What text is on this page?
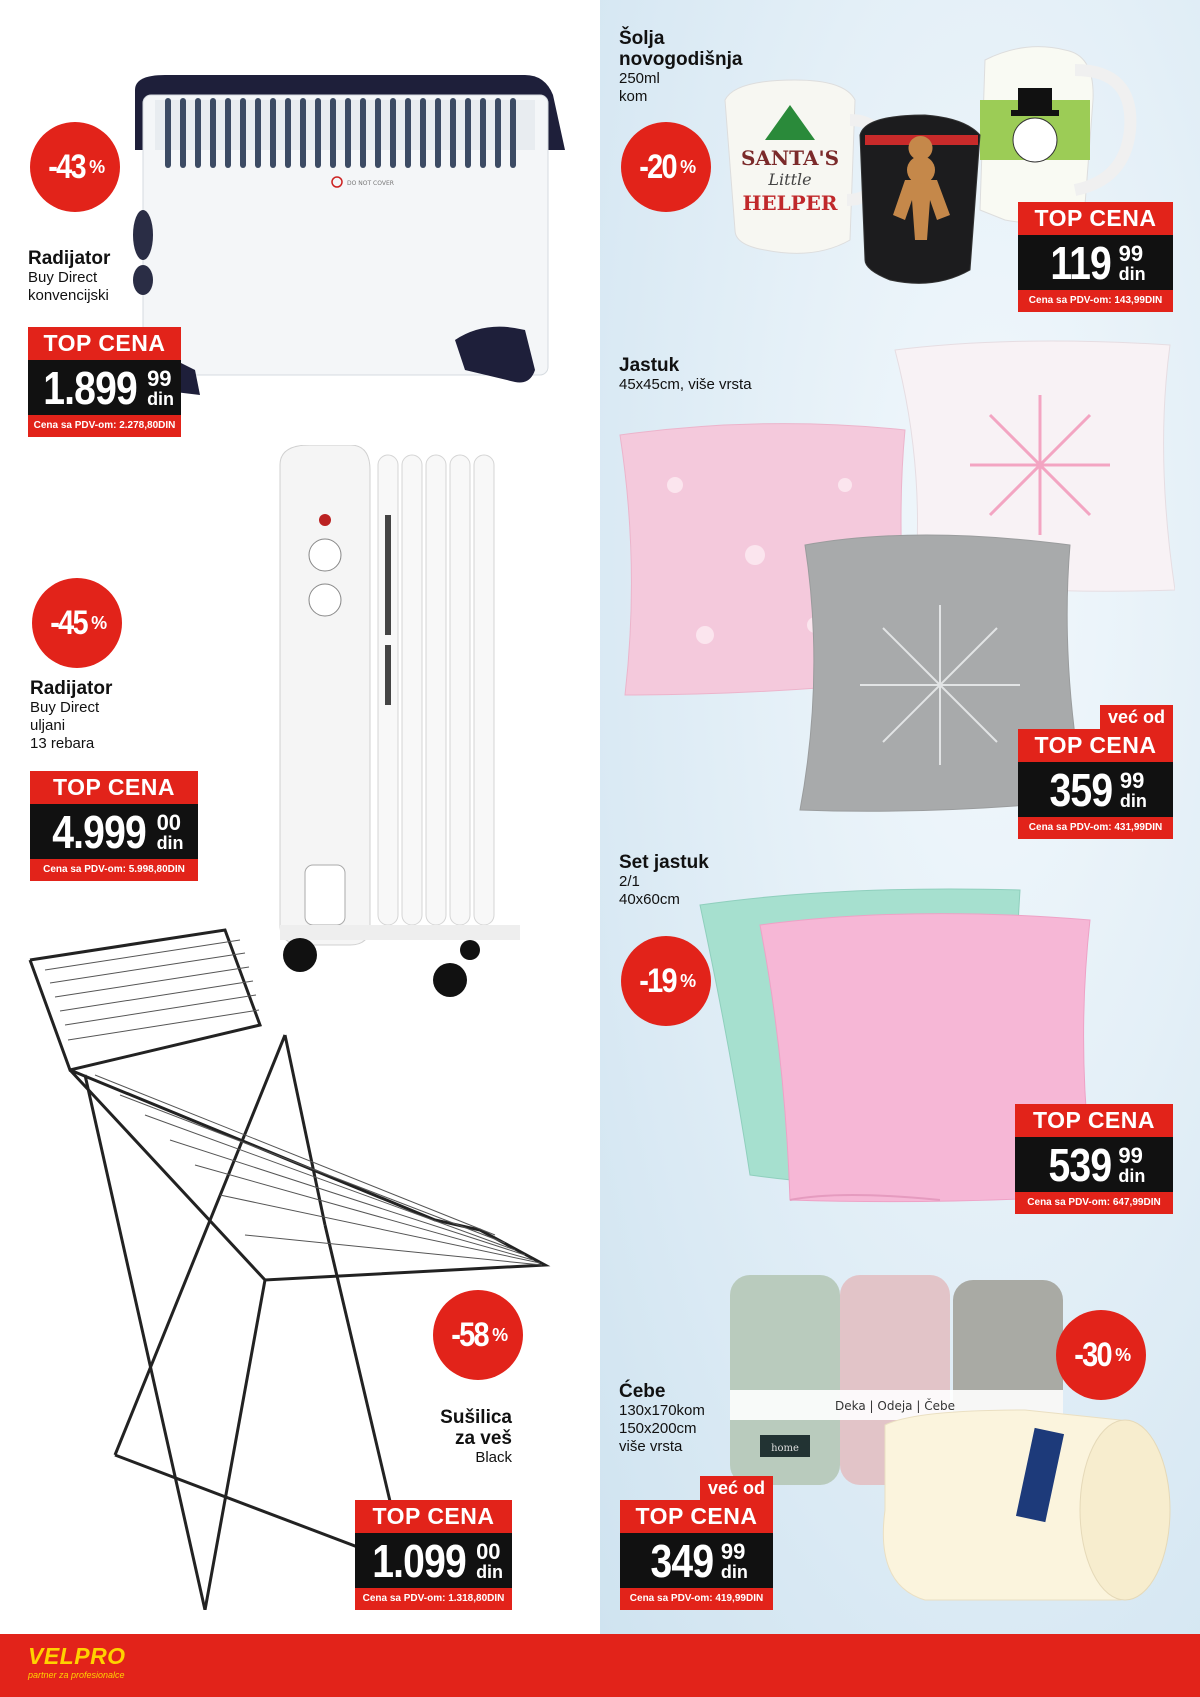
DO NOT COVER
SANTA'S
Little
HELPER
Deka | Odeja | Čebe
home
-43 %
Radijator
Buy Direct
konvencijski
TOP CENA
1.899 99
din
Cena sa PDV-om: 2.278,80DIN
-45 %
Radijator
Buy Direct
uljani
13 rebara
TOP CENA
4.999 00
din
Cena sa PDV-om: 5.998,80DIN
-58 %
Sušilica
za veš
Black
TOP CENA
1.099 00
din
Cena sa PDV-om: 1.318,80DIN
Šolja
novogodišnja
250ml
kom
-20 %
TOP CENA
119 99
din
Cena sa PDV-om: 143,99DIN
Jastuk
45x45cm, više vrsta
već od
TOP CENA
359 99
din
Cena sa PDV-om: 431,99DIN
Set jastuk
2/1
40x60cm
-19 %
TOP CENA
539 99
din
Cena sa PDV-om: 647,99DIN
-30 %
Ćebe
130x170kom
150x200cm
više vrsta
već od
TOP CENA
349 99
din
Cena sa PDV-om: 419,99DIN
VELPRO
partner za profesionalce
